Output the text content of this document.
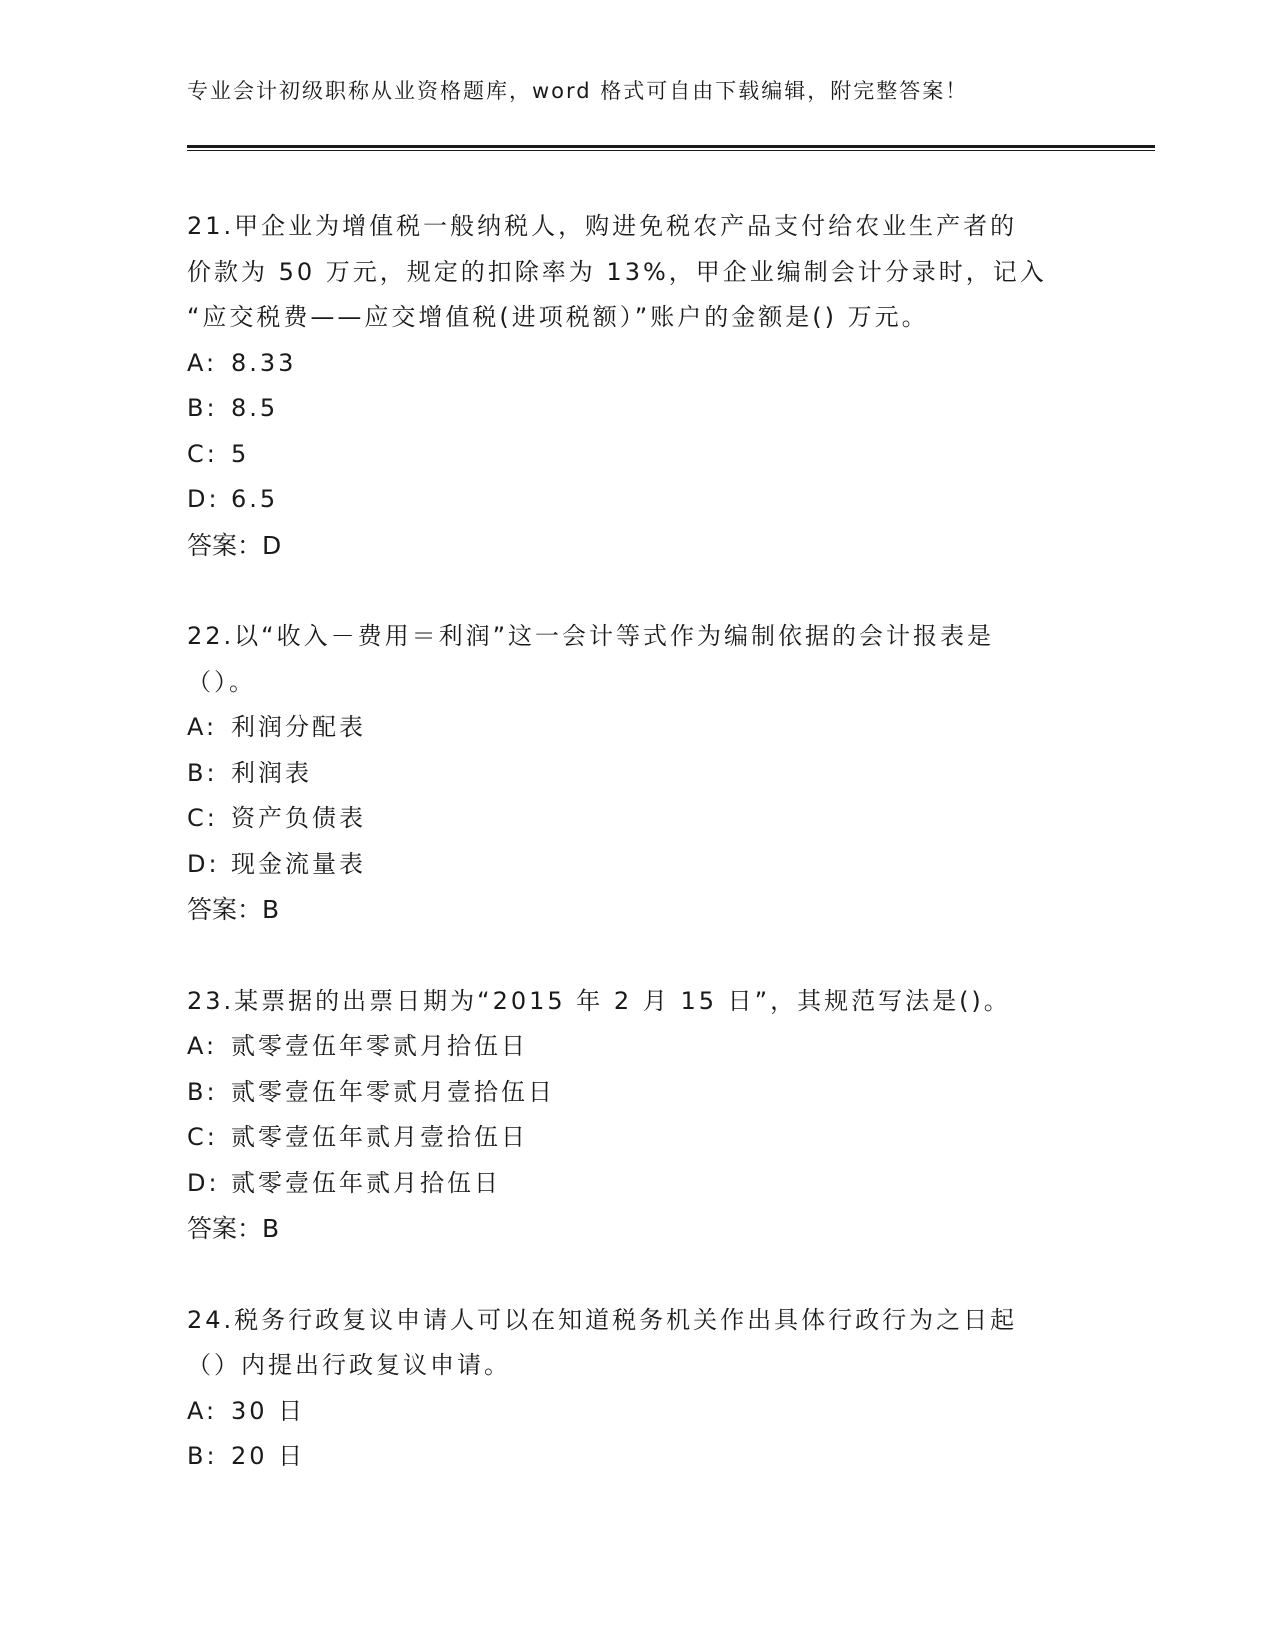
专业会计初级职称从业资格题库，word 格式可自由下载编辑，附完整答案！
21.甲企业为增值税一般纳税人，购进免税农产品支付给农业生产者的
价款为 50 万元，规定的扣除率为 13%，甲企业编制会计分录时，记入
“应交税费——应交增值税(进项税额）”账户的金额是() 万元。
A: 8.33
B: 8.5
C: 5
D: 6.5
答案：D
22.以“收入－费用＝利润”这一会计等式作为编制依据的会计报表是
（）。
A: 利润分配表
B: 利润表
C: 资产负债表
D: 现金流量表
答案：B
23.某票据的出票日期为“2015 年 2 月 15 日”，其规范写法是()。
A: 贰零壹伍年零贰月拾伍日
B: 贰零壹伍年零贰月壹拾伍日
C: 贰零壹伍年贰月壹拾伍日
D: 贰零壹伍年贰月拾伍日
答案：B
24.税务行政复议申请人可以在知道税务机关作出具体行政行为之日起
（）内提出行政复议申请。
A: 30 日
B: 20 日
